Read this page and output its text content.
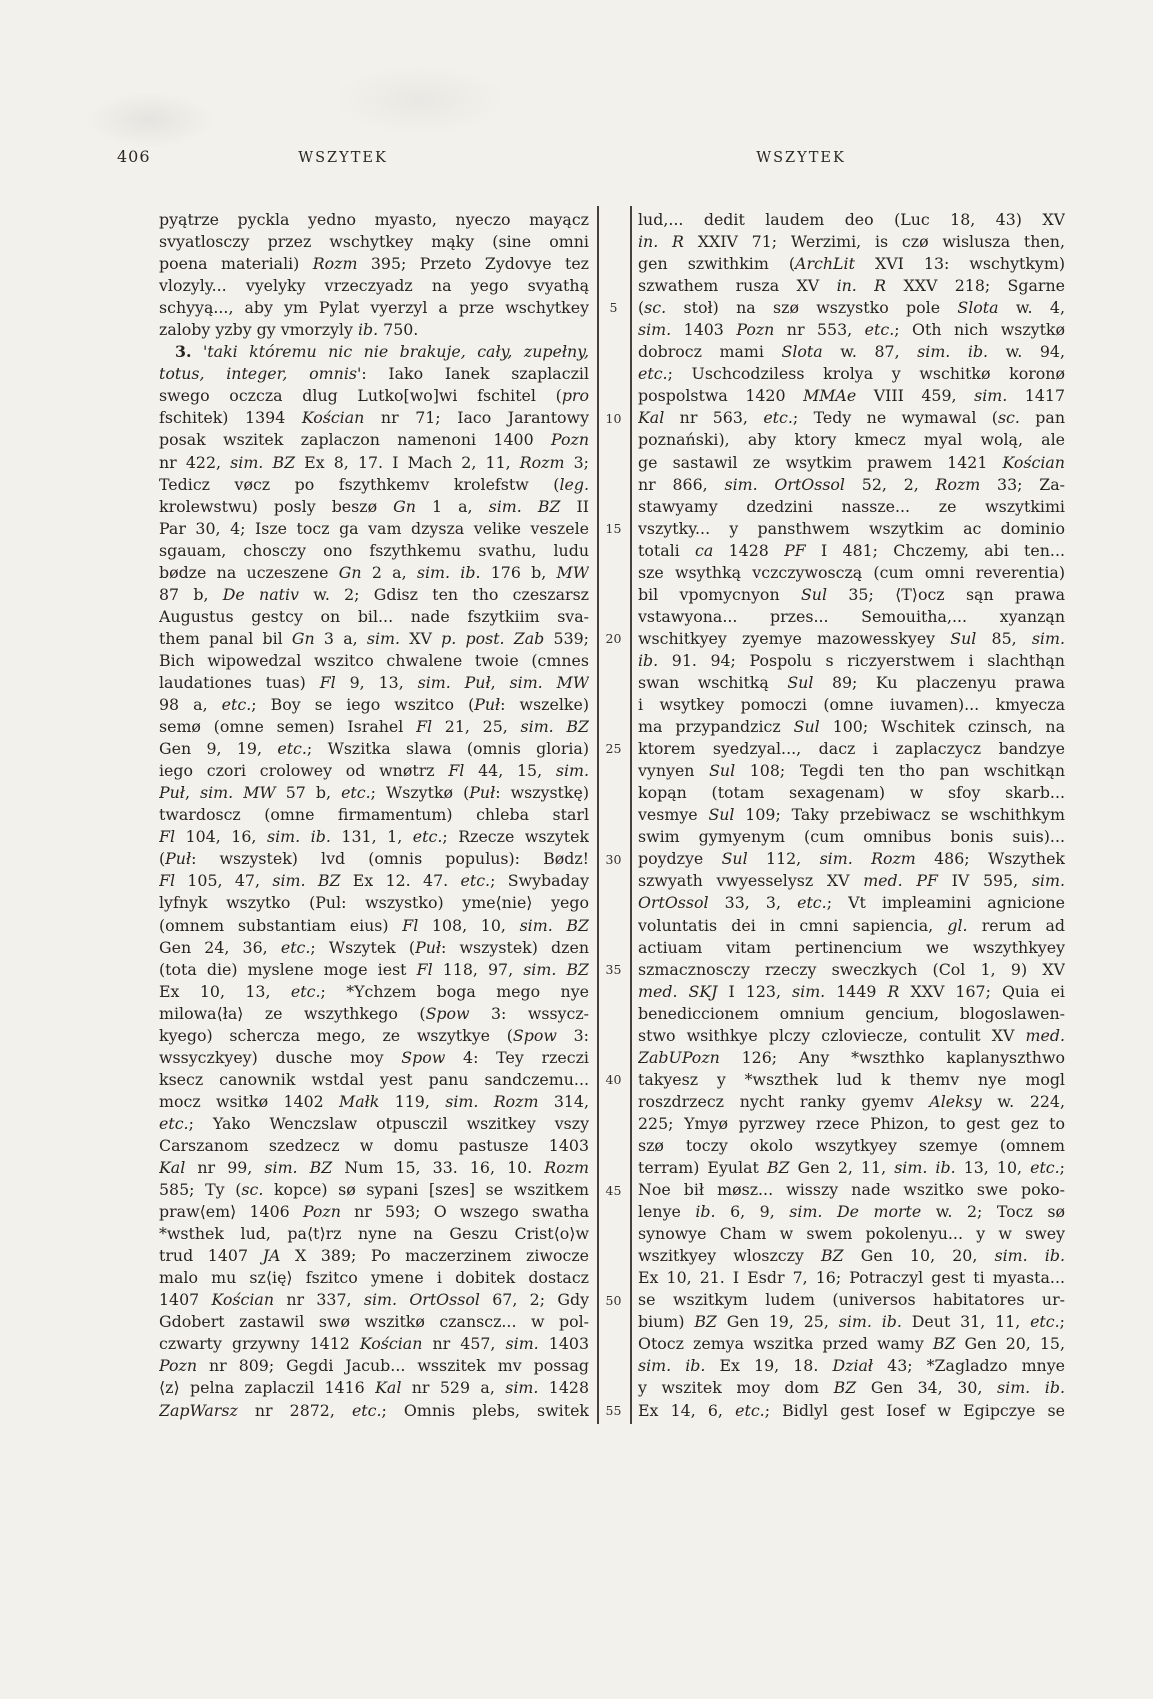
406	WSZYTEK	WSZYTEK
pyątrze pyckla yedno myasto, nyeczo mayącz
svyatlosczy przez wschytkey mąky (sine omni
poena materiali) Rozm 395; Przeto Zydovye tez
vlozyly... vyelyky vrzeczyadz na yego svyathą
schyyą..., aby ym Pylat vyerzyl a prze wschytkey
zaloby yzby gy vmorzyly ib. 750.
3. 'taki któremu nic nie brakuje, cały, zupełny,
totus, integer, omnis': Iako Ianek szaplaczil
swego oczcza dlug Lutko[wo]wi fschitel (pro
fschitek) 1394 Kościan nr 71; Iaco Jarantowy
posak wszitek zaplaczon namenoni 1400 Pozn
nr 422, sim. BZ Ex 8, 17. I Mach 2, 11, Rozm 3;
Tedicz vøcz po fszythkemv krolefstw (leg.
krolewstwu) posly beszø Gn 1 a, sim. BZ II
Par 30, 4; Isze tocz ga vam dzysza velike veszele
sgauam, chosczy ono fszythkemu svathu, ludu
bødze na uczeszene Gn 2 a, sim. ib. 176 b, MW
87 b, De nativ w. 2; Gdisz ten tho czeszarsz
Augustus gestcy on bil... nade fszytkiim sva-
them panal bil Gn 3 a, sim. XV p. post. Zab 539;
Bich wipowedzal wszitco chwalene twoie (cmnes
laudationes tuas) Fl 9, 13, sim. Puł, sim. MW
98 a, etc.; Boy se iego wszitco (Puł: wszelke)
semø (omne semen) Israhel Fl 21, 25, sim. BZ
Gen 9, 19, etc.; Wszitka slawa (omnis gloria)
iego czori crolowey od wnøtrz Fl 44, 15, sim.
Puł, sim. MW 57 b, etc.; Wszytkø (Puł: wszystkę)
twardoscz (omne firmamentum) chleba starl
Fl 104, 16, sim. ib. 131, 1, etc.; Rzecze wszytek
(Puł: wszystek) lvd (omnis populus): Bødz!
Fl 105, 47, sim. BZ Ex 12. 47. etc.; Swybaday
lyfnyk wszytko (Pul: wszystko) yme⟨nie⟩ yego
(omnem substantiam eius) Fl 108, 10, sim. BZ
Gen 24, 36, etc.; Wszytek (Puł: wszystek) dzen
(tota die) myslene moge iest Fl 118, 97, sim. BZ
Ex 10, 13, etc.; *Ychzem boga mego nye
milowa⟨ła⟩ ze wszythkego (Spow 3: wssycz-
kyego) schercza mego, ze wszytkye (Spow 3:
wssyczkyey) dusche moy Spow 4: Tey rzeczi
ksecz canownik wstdal yest panu sandczemu...
mocz wsitkø 1402 Małk 119, sim. Rozm 314,
etc.; Yako Wenczslaw otpusczil wszitkey vszy
Carszanom szedzecz w domu pastusze 1403
Kal nr 99, sim. BZ Num 15, 33. 16, 10. Rozm
585; Ty (sc. kopce) sø sypani [szes] se wszitkem
praw⟨em⟩ 1406 Pozn nr 593; O wszego swatha
*wsthek lud, pa⟨t⟩rz nyne na Geszu Crist⟨o⟩w
trud 1407 JA X 389; Po maczerzinem ziwocze
malo mu sz⟨ię⟩ fszitco ymene i dobitek dostacz
1407 Kościan nr 337, sim. OrtOssol 67, 2; Gdy
Gdobert zastawil swø wszitkø czanscz... w pol-
czwarty grzywny 1412 Kościan nr 457, sim. 1403
Pozn nr 809; Gegdi Jacub... wsszitek mv possag
⟨z⟩ pelna zaplaczil 1416 Kal nr 529 a, sim. 1428
ZapWarsz nr 2872, etc.; Omnis plebs, switek
5
10
15
20
25
30
35
40
45
50
55
lud,... dedit laudem deo (Luc 18, 43) XV
in. R XXIV 71; Werzimi, is czø wislusza then,
gen szwithkim (ArchLit XVI 13: wschytkym)
szwathem rusza XV in. R XXV 218; Sgarne
(sc. stoł) na szø wszystko pole Slota w. 4,
sim. 1403 Pozn nr 553, etc.; Oth nich wszytkø
dobrocz mami Slota w. 87, sim. ib. w. 94,
etc.; Uschcodziless krolya y wschitkø koronø
pospolstwa 1420 MMAe VIII 459, sim. 1417
Kal nr 563, etc.; Tedy ne wymawal (sc. pan
poznański), aby ktory kmecz myal wolą, ale
ge sastawil ze wsytkim prawem 1421 Kościan
nr 866, sim. OrtOssol 52, 2, Rozm 33; Za-
stawyamy dzedzini nassze... ze wszytkimi
vszytky... y pansthwem wszytkim ac dominio
totali ca 1428 PF I 481; Chczemy, abi ten...
sze wsythką vczczywosczą (cum omni reverentia)
bil vpomycnyon Sul 35; ⟨T⟩ocz sąn prawa
vstawyona... przes... Semouitha,... xyanząn
wschitkyey zyemye mazowesskyey Sul 85, sim.
ib. 91. 94; Pospolu s riczyerstwem i slachthąn
swan wschitką Sul 89; Ku placzenyu prawa
i wsytkey pomoczi (omne iuvamen)... kmyecza
ma przypandzicz Sul 100; Wschitek czinsch, na
ktorem syedzyal..., dacz i zaplaczycz bandzye
vynyen Sul 108; Tegdi ten tho pan wschitkąn
kopąn (totam sexagenam) w sfoy skarb...
vesmye Sul 109; Taky przebiwacz se wschithkym
swim gymyenym (cum omnibus bonis suis)...
poydzye Sul 112, sim. Rozm 486; Wszythek
szwyath vwyesselysz XV med. PF IV 595, sim.
OrtOssol 33, 3, etc.; Vt impleamini agnicione
voluntatis dei in cmni sapiencia, gl. rerum ad
actiuam vitam pertinencium we wszythkyey
szmacznosczy rzeczy sweczkych (Col 1, 9) XV
med. SKJ I 123, sim. 1449 R XXV 167; Quia ei
benediccionem omnium gencium, blogoslawen-
stwo wsithkye plczy czloviecze, contulit XV med.
ZabUPozn 126; Any *wszthko kaplanyszthwo
takyesz y *wszthek lud k themv nye mogl
roszdrzecz nycht ranky gyemv Aleksy w. 224,
225; Ymyø pyrzwey rzece Phizon, to gest gez to
szø toczy okolo wszytkyey szemye (omnem
terram) Eyulat BZ Gen 2, 11, sim. ib. 13, 10, etc.;
Noe bił møsz... wisszy nade wszitko swe poko-
lenye ib. 6, 9, sim. De morte w. 2; Tocz sø
synowye Cham w swem pokolenyu... y w swey
wszitkyey wloszczy BZ Gen 10, 20, sim. ib.
Ex 10, 21. I Esdr 7, 16; Potraczyl gest ti myasta...
se wszitkym ludem (universos habitatores ur-
bium) BZ Gen 19, 25, sim. ib. Deut 31, 11, etc.;
Otocz zemya wszitka przed wamy BZ Gen 20, 15,
sim. ib. Ex 19, 18. Dział 43; *Zagladzo mnye
y wszitek moy dom BZ Gen 34, 30, sim. ib.
Ex 14, 6, etc.; Bidlyl gest Iosef w Egipczye se
